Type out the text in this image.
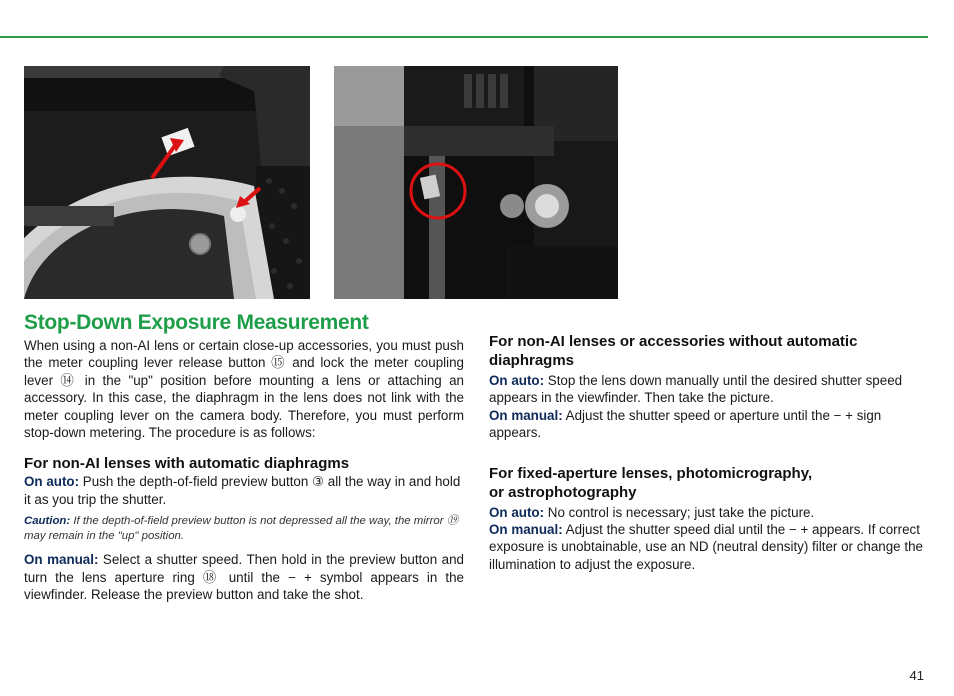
Stop-Down Exposure Measurement

When using a non-AI lens or certain close-up accessories, you must push the meter coupling lever release button ⑮ and lock the meter coupling lever ⑭ in the "up" position before mounting a lens or attaching an accessory. In this case, the diaphragm in the lens does not link with the meter coupling lever on the camera body. Therefore, you must perform stop-down metering. The procedure is as follows:

For non-AI lenses with automatic diaphragms

On auto: Push the depth-of-field preview button ③ all the way in and hold it as you trip the shutter.

Caution: If the depth-of-field preview button is not depressed all the way, the mirror ⑲ may remain in the "up" position.

On manual: Select a shutter speed. Then hold in the preview button and turn the lens aperture ring ⑱ until the − + symbol appears in the viewfinder. Release the preview button and take the shot.

For non-AI lenses or accessories without automatic diaphragms

On auto: Stop the lens down manually until the desired shutter speed appears in the viewfinder. Then take the picture.

On manual: Adjust the shutter speed or aperture until the − + sign appears.

For fixed-aperture lenses, photomicrography,
or astrophotography

On auto: No control is necessary; just take the picture.

On manual: Adjust the shutter speed dial until the − + appears. If correct exposure is unobtainable, use an ND (neutral density) filter or change the illumination to adjust the exposure.

41
